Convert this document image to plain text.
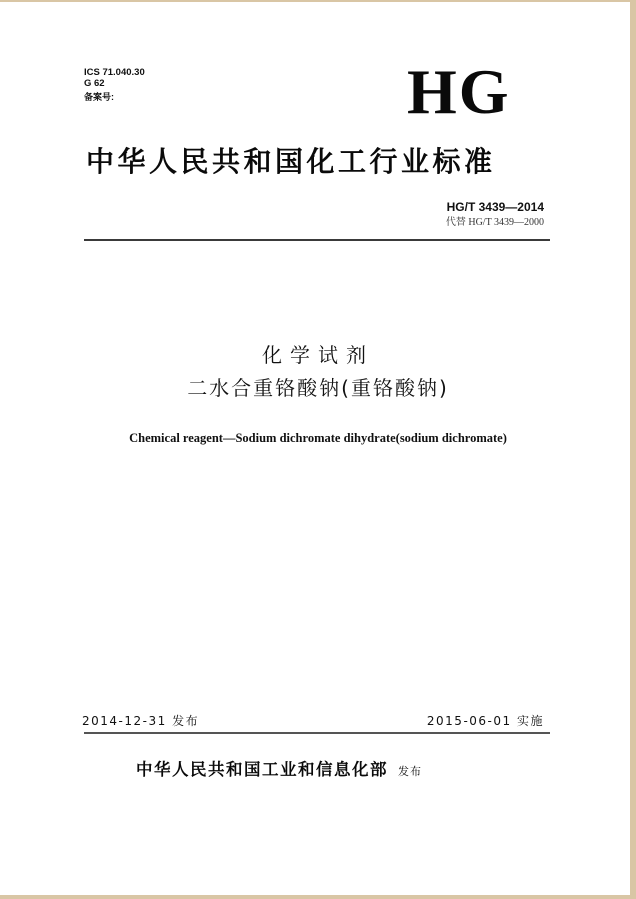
ICS 71.040.30
G 62
备案号:	HG
中华人民共和国化工行业标准
HG/T 3439—2014
代替 HG/T 3439—2000
化学试剂
二水合重铬酸钠(重铬酸钠)
Chemical reagent—Sodium dichromate dihydrate(sodium dichromate)
2014-12-31 发布	2015-06-01 实施
中华人民共和国工业和信息化部 发布
